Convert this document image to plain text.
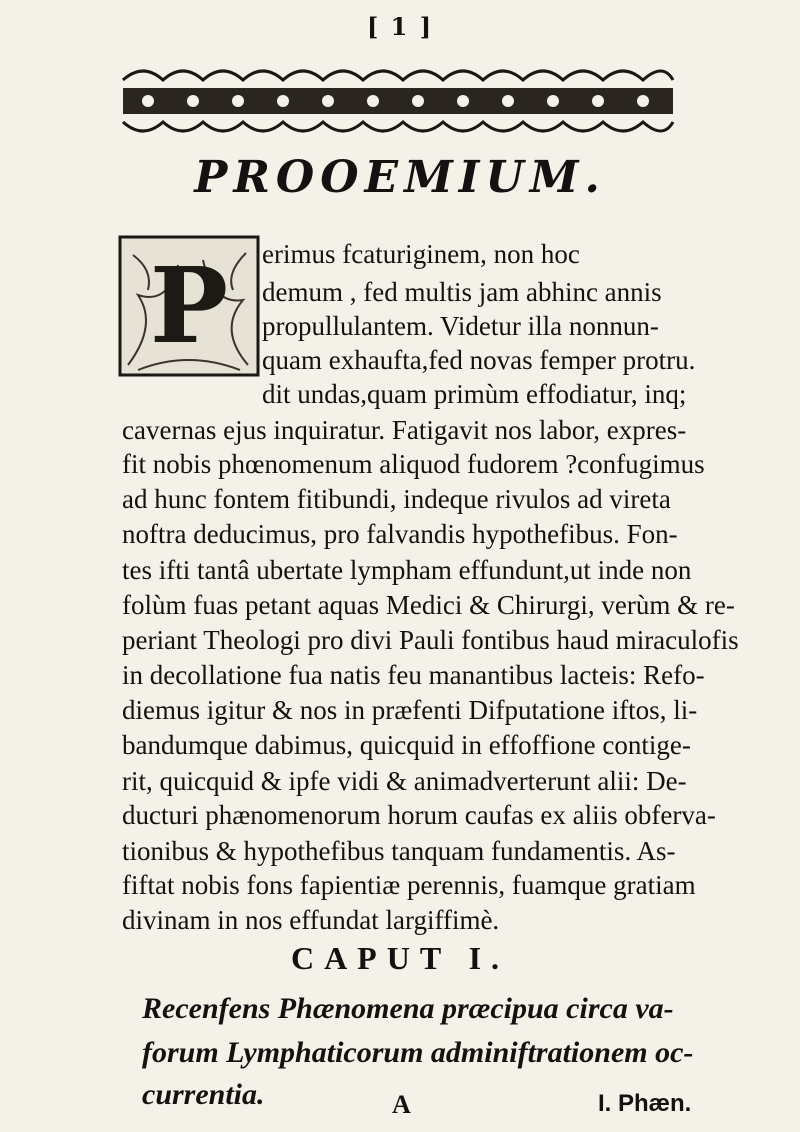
[ 1 ]
PROOEMIUM.
P	erimus fcaturiginem, non hoc
demum , fed multis jam abhinc annis
propullulantem. Videtur illa nonnun-
quam exhaufta,fed novas femper protru.
dit undas,quam primùm effodiatur, inq;
cavernas ejus inquiratur. Fatigavit nos labor, expres-
fit nobis phœnomenum aliquod fudorem ?confugimus
ad hunc fontem fitibundi, indeque rivulos ad vireta
noftra deducimus, pro falvandis hypothefibus. Fon-
tes ifti tantâ ubertate lympham effundunt,ut inde non
folùm fuas petant aquas Medici & Chirurgi, verùm & re-
periant Theologi pro divi Pauli fontibus haud miraculofis
in decollatione fua natis feu manantibus lacteis: Refo-
diemus igitur & nos in præfenti Difputatione iftos, li-
bandumque dabimus, quicquid in effoffione contige-
rit, quicquid & ipfe vidi & animadverterunt alii: De-
ducturi phænomenorum horum caufas ex aliis obferva-
tionibus & hypothefibus tanquam fundamentis. As-
fiftat nobis fons fapientiæ perennis, fuamque gratiam
divinam in nos effundat largiffimè.
CAPUT I.
Recenfens Phænomena præcipua circa va-
forum Lymphaticorum adminiftrationem oc-
currentia.	A	I. Phæn.
